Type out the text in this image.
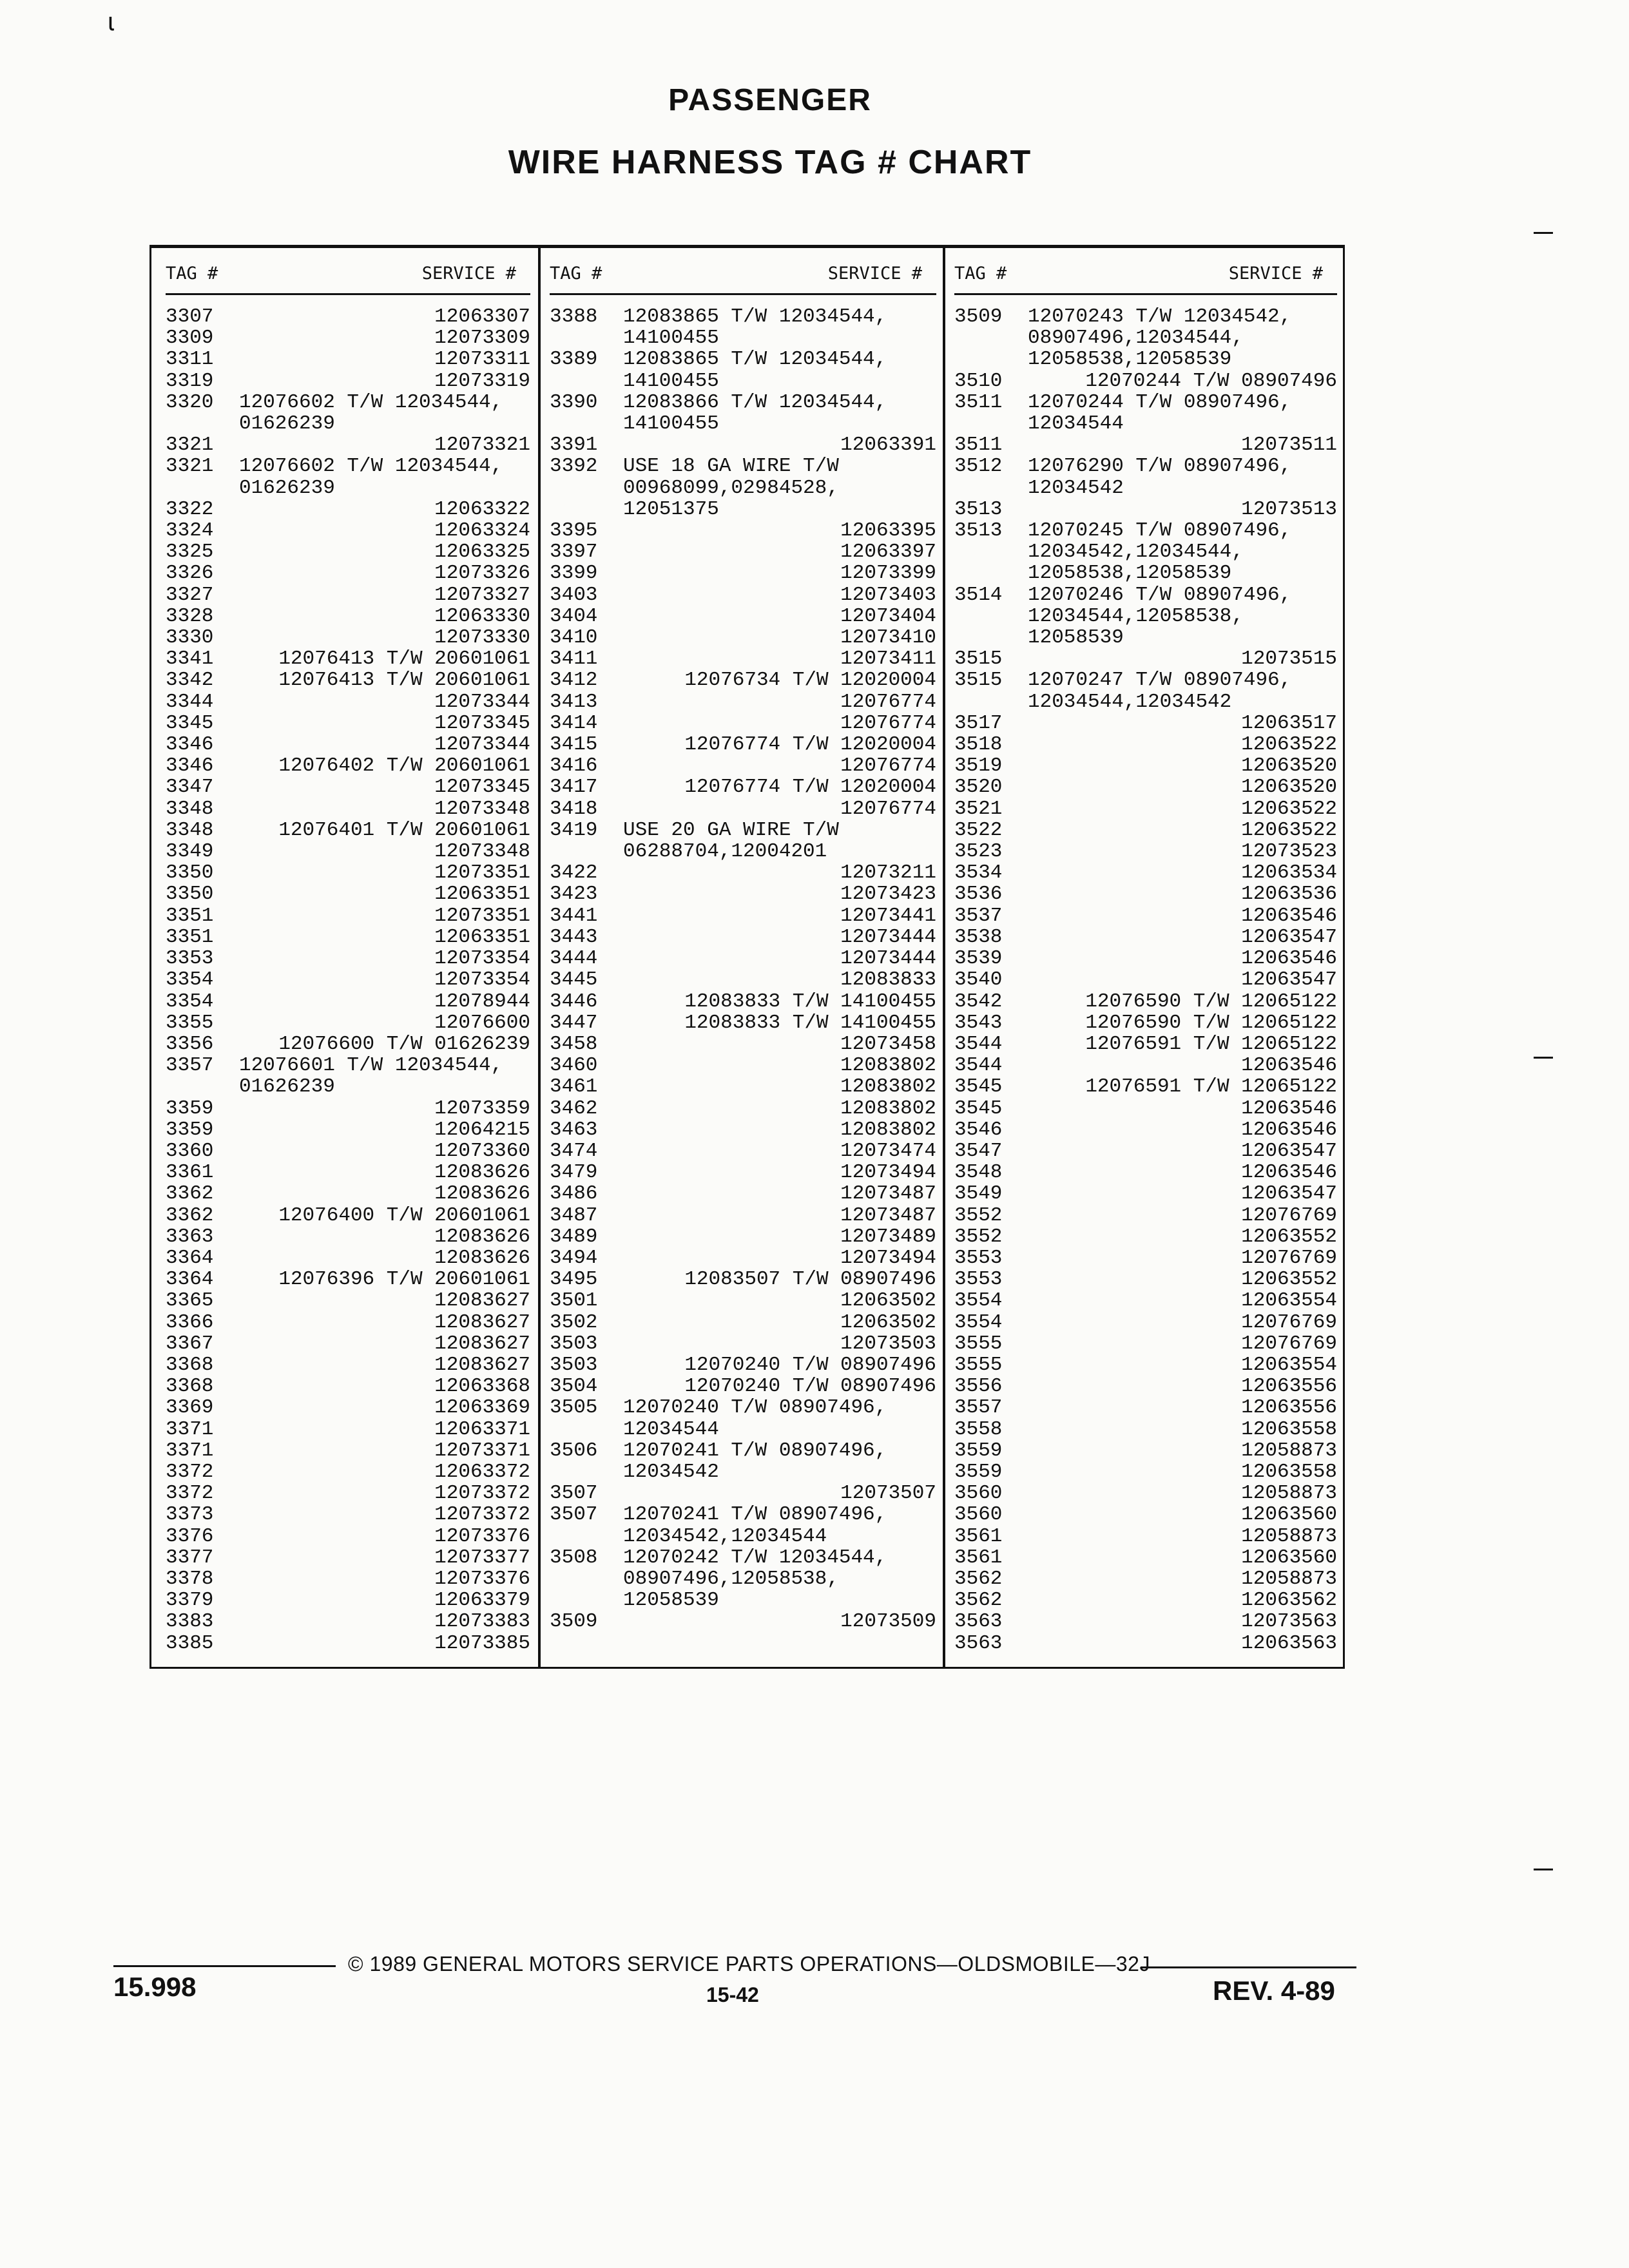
ɩ
PASSENGER
WIRE HARNESS TAG # CHART
TAG #	SERVICE # TAG #	SERVICE # TAG #	SERVICE #
3307	12063307
3309	12073309
3311	12073311
3319	12073319
3320 12076602 T/W 12034544,
01626239
3321	12073321
3321 12076602 T/W 12034544,
01626239
3322	12063322
3324	12063324
3325	12063325
3326	12073326
3327	12073327
3328	12063330
3330	12073330
3341	12076413 T/W 20601061
3342	12076413 T/W 20601061
3344	12073344
3345	12073345
3346	12073344
3346	12076402 T/W 20601061
3347	12073345
3348	12073348
3348	12076401 T/W 20601061
3349	12073348
3350	12073351
3350	12063351
3351	12073351
3351	12063351
3353	12073354
3354	12073354
3354	12078944
3355	12076600
3356	12076600 T/W 01626239
3357 12076601 T/W 12034544,
01626239
3359	12073359
3359	12064215
3360	12073360
3361	12083626
3362	12083626
3362	12076400 T/W 20601061
3363	12083626
3364	12083626
3364	12076396 T/W 20601061
3365	12083627
3366	12083627
3367	12083627
3368	12083627
3368	12063368
3369	12063369
3371	12063371
3371	12073371
3372	12063372
3372	12073372
3373	12073372
3376	12073376
3377	12073377
3378	12073376
3379	12063379
3383	12073383
3385	12073385
3388 12083865 T/W 12034544,
14100455
3389 12083865 T/W 12034544,
14100455
3390 12083866 T/W 12034544,
14100455
3391	12063391
3392 USE 18 GA WIRE T/W
00968099,02984528,
12051375
3395	12063395
3397	12063397
3399	12073399
3403	12073403
3404	12073404
3410	12073410
3411	12073411
3412	12076734 T/W 12020004
3413	12076774
3414	12076774
3415	12076774 T/W 12020004
3416	12076774
3417	12076774 T/W 12020004
3418	12076774
3419 USE 20 GA WIRE T/W
06288704,12004201
3422	12073211
3423	12073423
3441	12073441
3443	12073444
3444	12073444
3445	12083833
3446	12083833 T/W 14100455
3447	12083833 T/W 14100455
3458	12073458
3460	12083802
3461	12083802
3462	12083802
3463	12083802
3474	12073474
3479	12073494
3486	12073487
3487	12073487
3489	12073489
3494	12073494
3495	12083507 T/W 08907496
3501	12063502
3502	12063502
3503	12073503
3503	12070240 T/W 08907496
3504	12070240 T/W 08907496
3505 12070240 T/W 08907496,
12034544
3506 12070241 T/W 08907496,
12034542
3507	12073507
3507 12070241 T/W 08907496,
12034542,12034544
3508 12070242 T/W 12034544,
08907496,12058538,
12058539
3509	12073509
3509 12070243 T/W 12034542,
08907496,12034544,
12058538,12058539
3510	12070244 T/W 08907496
3511 12070244 T/W 08907496,
12034544
3511	12073511
3512 12076290 T/W 08907496,
12034542
3513	12073513
3513 12070245 T/W 08907496,
12034542,12034544,
12058538,12058539
3514 12070246 T/W 08907496,
12034544,12058538,
12058539
3515	12073515
3515 12070247 T/W 08907496,
12034544,12034542
3517	12063517
3518	12063522
3519	12063520
3520	12063520
3521	12063522
3522	12063522
3523	12073523
3534	12063534
3536	12063536
3537	12063546
3538	12063547
3539	12063546
3540	12063547
3542	12076590 T/W 12065122
3543	12076590 T/W 12065122
3544	12076591 T/W 12065122
3544	12063546
3545	12076591 T/W 12065122
3545	12063546
3546	12063546
3547	12063547
3548	12063546
3549	12063547
3552	12076769
3552	12063552
3553	12076769
3553	12063552
3554	12063554
3554	12076769
3555	12076769
3555	12063554
3556	12063556
3557	12063556
3558	12063558
3559	12058873
3559	12063558
3560	12058873
3560	12063560
3561	12058873
3561	12063560
3562	12058873
3562	12063562
3563	12073563
3563	12063563
© 1989 GENERAL MOTORS SERVICE PARTS OPERATIONS—OLDSMOBILE—32J
15.998	15-42	REV. 4-89
